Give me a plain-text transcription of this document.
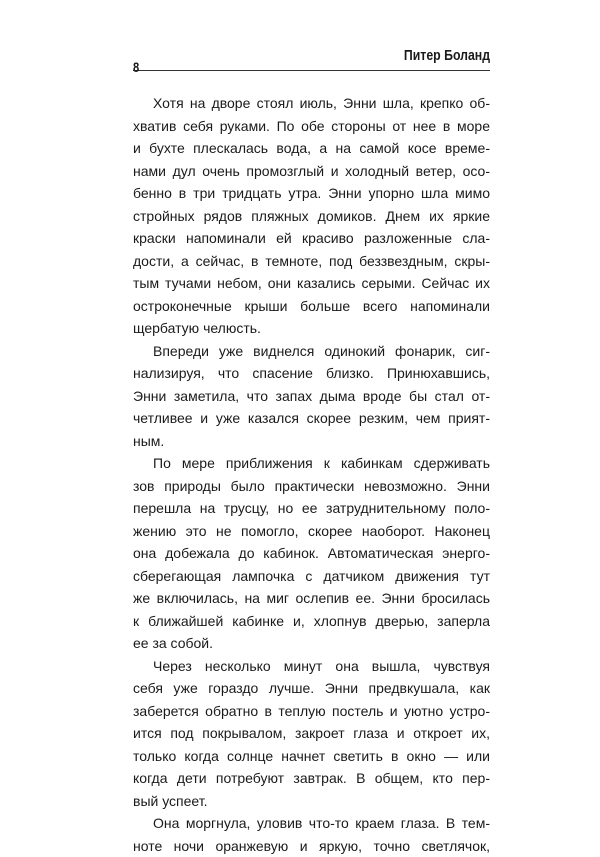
8
Питер Боланд
Хотя на дворе стоял июль, Энни шла, крепко об-
хватив себя руками. По обе стороны от нее в море
и бухте плескалась вода, а на самой косе време-
нами дул очень промозглый и холодный ветер, осо-
бенно в три тридцать утра. Энни упорно шла мимо
стройных рядов пляжных домиков. Днем их яркие
краски напоминали ей красиво разложенные сла-
дости, а сейчас, в темноте, под беззвездным, скры-
тым тучами небом, они казались серыми. Сейчас их
остроконечные крыши больше всего напоминали
щербатую челюсть.
Впереди уже виднелся одинокий фонарик, сиг-
нализируя, что спасение близко. Принюхавшись,
Энни заметила, что запах дыма вроде бы стал от-
четливее и уже казался скорее резким, чем прият-
ным.
По мере приближения к кабинкам сдерживать
зов природы было практически невозможно. Энни
перешла на трусцу, но ее затруднительному поло-
жению это не помогло, скорее наоборот. Наконец
она добежала до кабинок. Автоматическая энерго-
сберегающая лампочка с датчиком движения тут
же включилась, на миг ослепив ее. Энни бросилась
к ближайшей кабинке и, хлопнув дверью, заперла
ее за собой.
Через несколько минут она вышла, чувствуя
себя уже гораздо лучше. Энни предвкушала, как
заберется обратно в теплую постель и уютно устро-
ится под покрывалом, закроет глаза и откроет их,
только когда солнце начнет светить в окно — или
когда дети потребуют завтрак. В общем, кто пер-
вый успеет.
Она моргнула, уловив что-то краем глаза. В тем-
ноте ночи оранжевую и яркую, точно светлячок,
